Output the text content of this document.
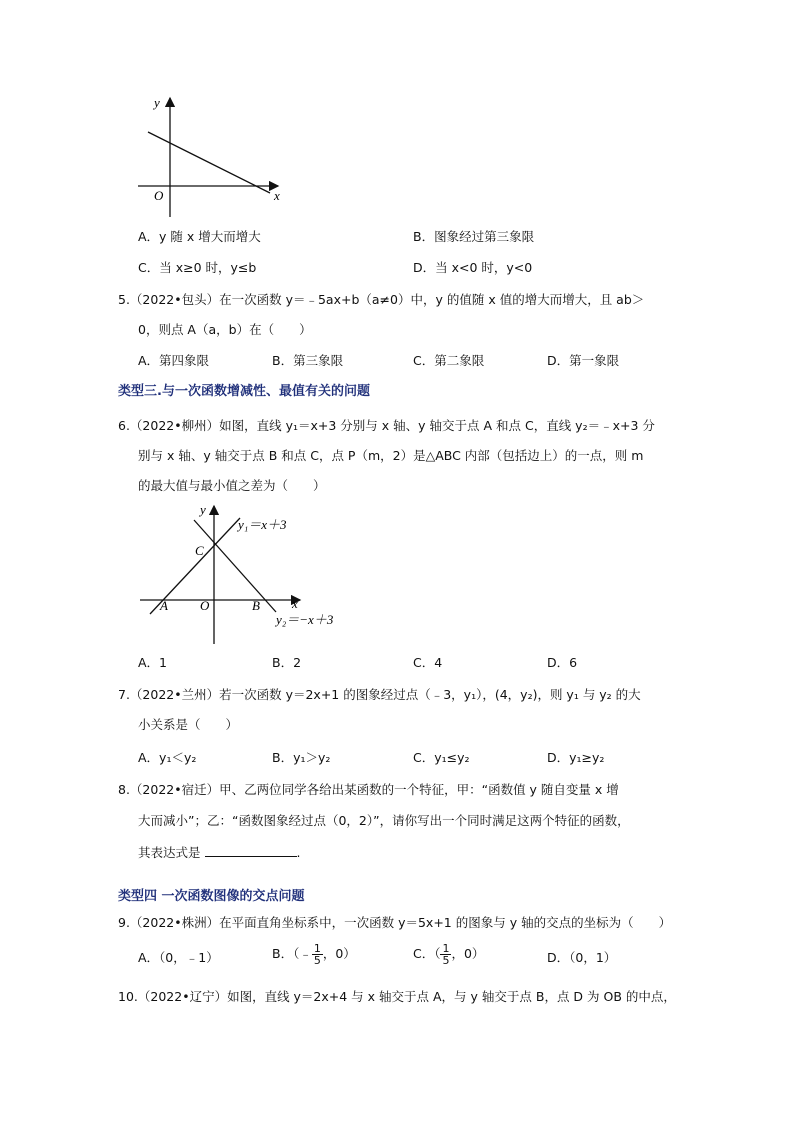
y
x
O
A．y 随 x 增大而增大	B．图象经过第三象限
C．当 x≥0 时，y≤b	D．当 x<0 时，y<0
5.（2022•包头）在一次函数 y＝﹣5ax+b（a≠0）中，y 的值随 x 值的增大而增大，且 ab＞
0，则点 A（a，b）在（　　）
A．第四象限	B．第三象限	C．第二象限	D．第一象限
类型三.与一次函数增减性、最值有关的问题
6.（2022•柳州）如图，直线 y₁＝x+3 分别与 x 轴、y 轴交于点 A 和点 C，直线 y₂＝﹣x+3 分
别与 x 轴、y 轴交于点 B 和点 C，点 P（m，2）是△ABC 内部（包括边上）的一点，则 m
的最大值与最小值之差为（　　）
y
x
y₁＝x＋3
y₂＝−x＋3
C
A O	B
A．1	B．2	C．4	D．6
7.（2022•兰州）若一次函数 y＝2x+1 的图象经过点（﹣3，y₁），(4，y₂)，则 y₁ 与 y₂ 的大
小关系是（　　）
A．y₁＜y₂	B．y₁＞y₂	C．y₁≤y₂	D．y₁≥y₂
8.（2022•宿迁）甲、乙两位同学各给出某函数的一个特征，甲：“函数值 y 随自变量 x 增
大而减小”；乙：“函数图象经过点（0，2）”，请你写出一个同时满足这两个特征的函数，
其表达式是	.
类型四 一次函数图像的交点问题
9.（2022•株洲）在平面直角坐标系中，一次函数 y＝5x+1 的图象与 y 轴的交点的坐标为（　　）
A．（0，﹣1）	B．（﹣ $\frac{1}{5}$ ，0）	C．（ $\frac{1}{5}$ ，0）	D．（0，1）
10.（2022•辽宁）如图，直线 y＝2x+4 与 x 轴交于点 A，与 y 轴交于点 B，点 D 为 OB 的中点，
